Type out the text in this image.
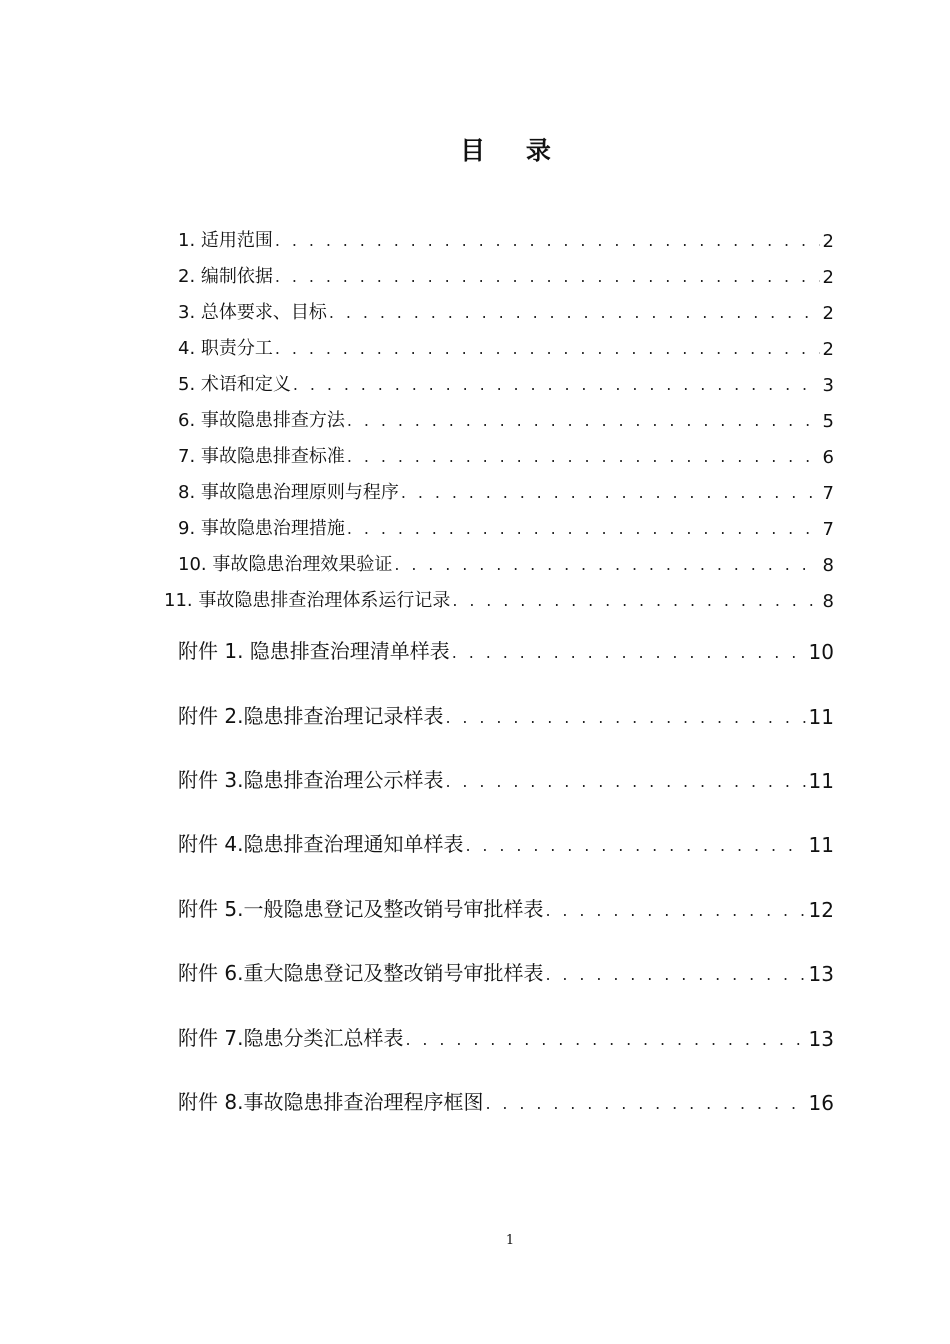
目 录
1. 适用范围 . . .	2
2. 编制依据 . . .	2
3. 总体要求、目标 . . .	2
4. 职责分工 . . .	2
5. 术语和定义 . . .	3
6. 事故隐患排查方法 . . .	5
7. 事故隐患排查标准 . . .	6
8. 事故隐患治理原则与程序 . . .	7
9. 事故隐患治理措施 . . .	7
10. 事故隐患治理效果验证 . . .	8
11. 事故隐患排查治理体系运行记录 . . .	8
附件 1. 隐患排查治理清单样表 . . .	10
附件 2.隐患排查治理记录样表 . . .	11
附件 3.隐患排查治理公示样表 . . .	11
附件 4.隐患排查治理通知单样表 . . .	11
附件 5.一般隐患登记及整改销号审批样表 . . .	12
附件 6.重大隐患登记及整改销号审批样表 . . .	13
附件 7.隐患分类汇总样表 . . .	13
附件 8.事故隐患排查治理程序框图 . . .	16
1
